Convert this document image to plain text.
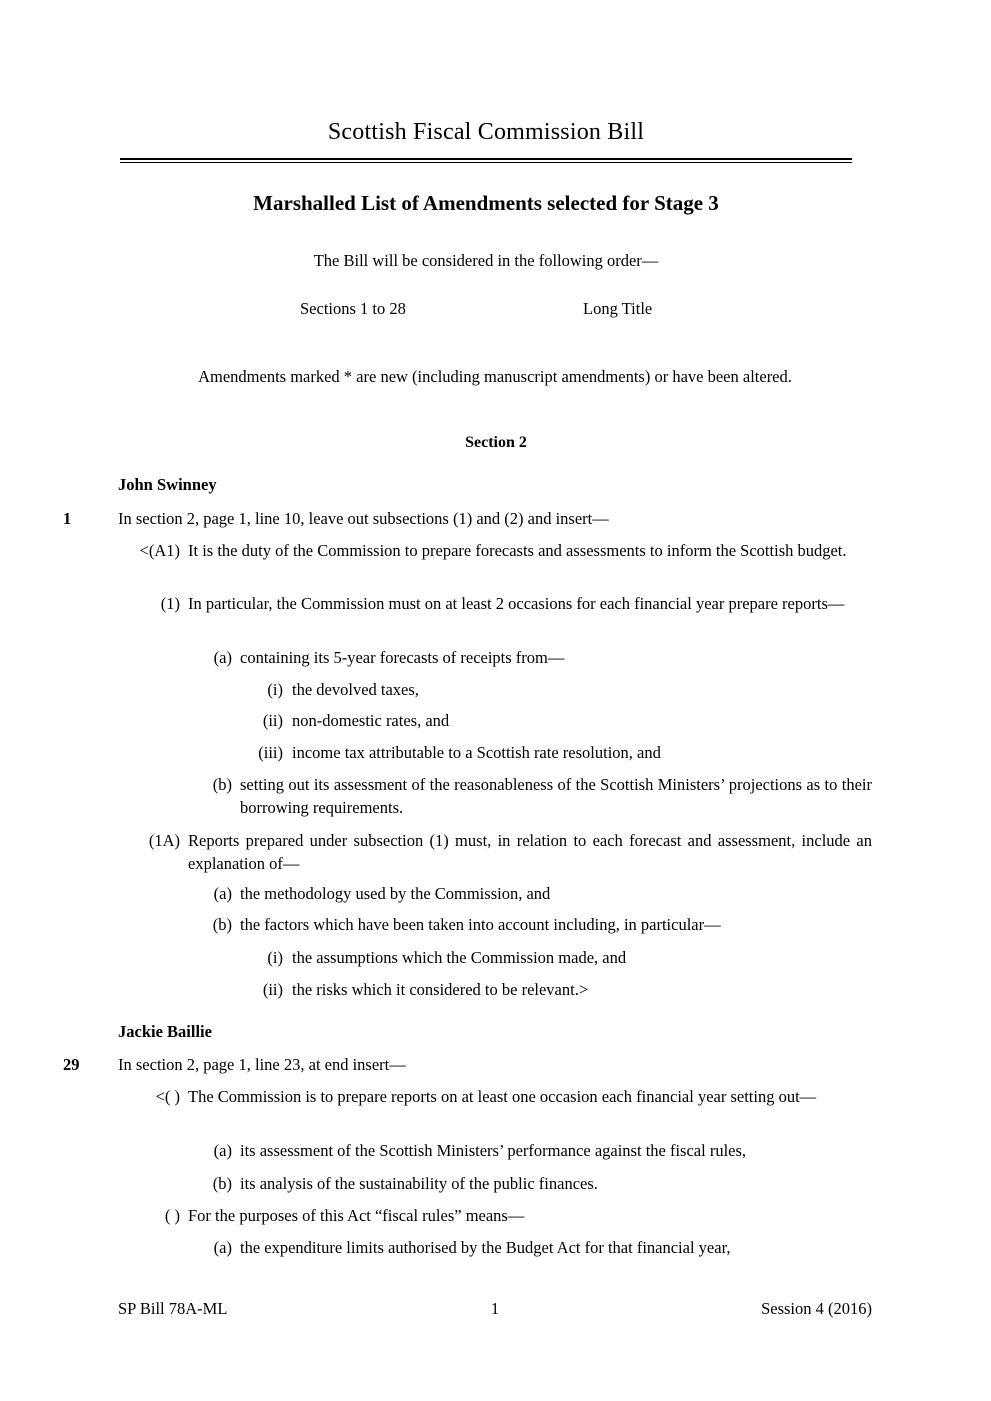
Scottish Fiscal Commission Bill
Marshalled List of Amendments selected for Stage 3
The Bill will be considered in the following order—
Sections 1 to 28	Long Title
Amendments marked * are new (including manuscript amendments) or have been altered.
Section 2
John Swinney
1	In section 2, page 1, line 10, leave out subsections (1) and (2) and insert—
<(A1) It is the duty of the Commission to prepare forecasts and assessments to inform the Scottish budget.
(1) In particular, the Commission must on at least 2 occasions for each financial year prepare reports—
(a) containing its 5-year forecasts of receipts from—
(i) the devolved taxes,
(ii) non-domestic rates, and
(iii) income tax attributable to a Scottish rate resolution, and
(b) setting out its assessment of the reasonableness of the Scottish Ministers’ projections as to their borrowing requirements.
(1A) Reports prepared under subsection (1) must, in relation to each forecast and assessment, include an explanation of—
(a) the methodology used by the Commission, and
(b) the factors which have been taken into account including, in particular—
(i) the assumptions which the Commission made, and
(ii) the risks which it considered to be relevant.>
Jackie Baillie
29 In section 2, page 1, line 23, at end insert—
<( ) The Commission is to prepare reports on at least one occasion each financial year setting out—
(a) its assessment of the Scottish Ministers’ performance against the fiscal rules,
(b) its analysis of the sustainability of the public finances.
( ) For the purposes of this Act “fiscal rules” means—
(a) the expenditure limits authorised by the Budget Act for that financial year,
SP Bill 78A-ML	1	Session 4 (2016)
